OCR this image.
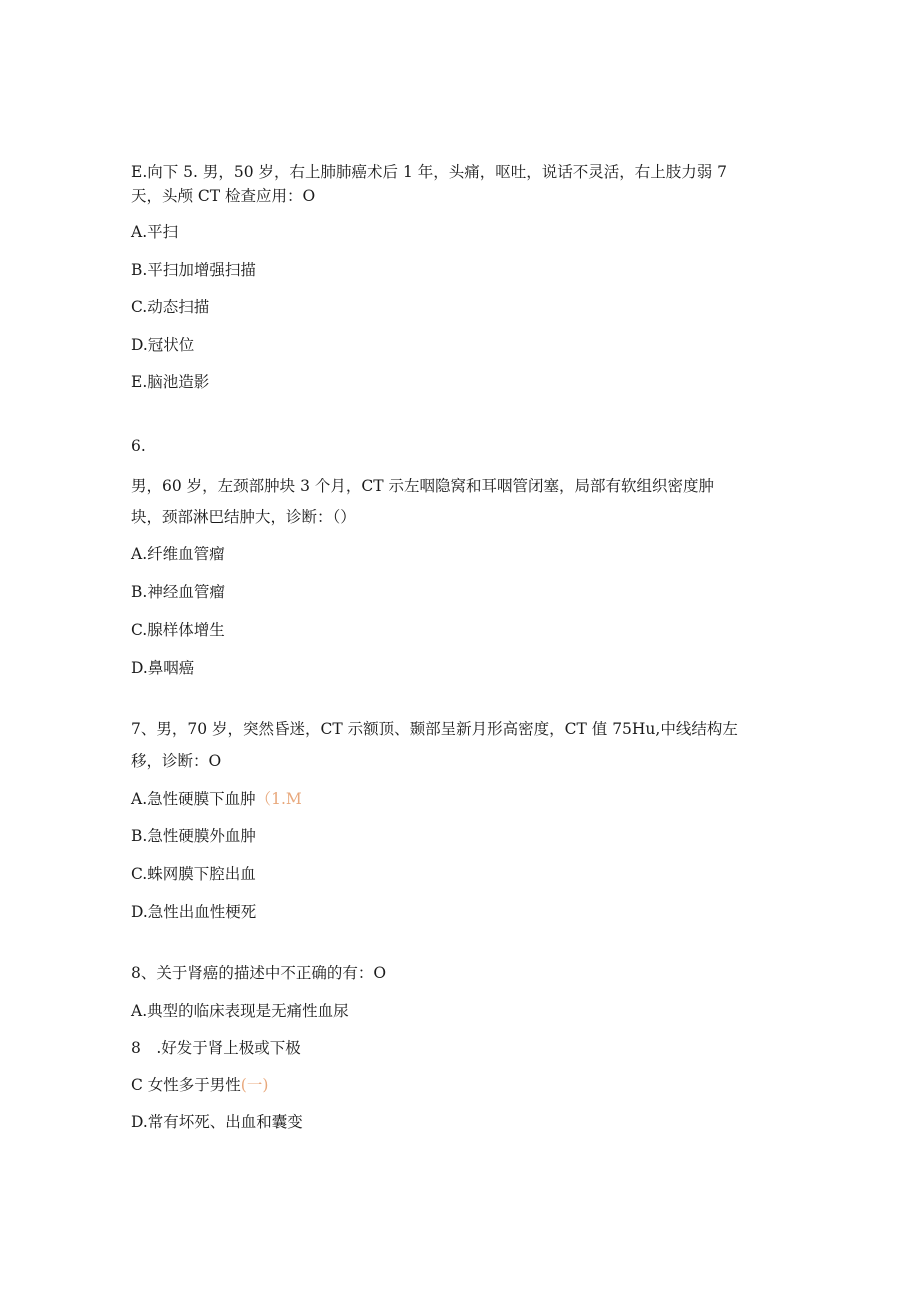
E.向下 5. 男，50 岁，右上肺肺癌术后 1 年，头痛，呕吐，说话不灵活，右上肢力弱 7
天，头颅 CT 检查应用：O
A.平扫
B.平扫加增强扫描
C.动态扫描
D.冠状位
E.脑池造影
6.
男，60 岁，左颈部肿块 3 个月，CT 示左咽隐窝和耳咽管闭塞，局部有软组织密度肿
块，颈部淋巴结肿大，诊断：（）
A.纤维血管瘤
B.神经血管瘤
C.腺样体增生
D.鼻咽癌
7、男，70 岁，突然昏迷，CT 示额顶、颞部呈新月形高密度，CT 值 75Hu,中线结构左
移，诊断：O
A.急性硬膜下血肿（1.M
B.急性硬膜外血肿
C.蛛网膜下腔出血
D.急性出血性梗死
8、关于肾癌的描述中不正确的有：O
A.典型的临床表现是无痛性血尿
8　.好发于肾上极或下极
C 女性多于男性(一)
D.常有坏死、出血和囊变
